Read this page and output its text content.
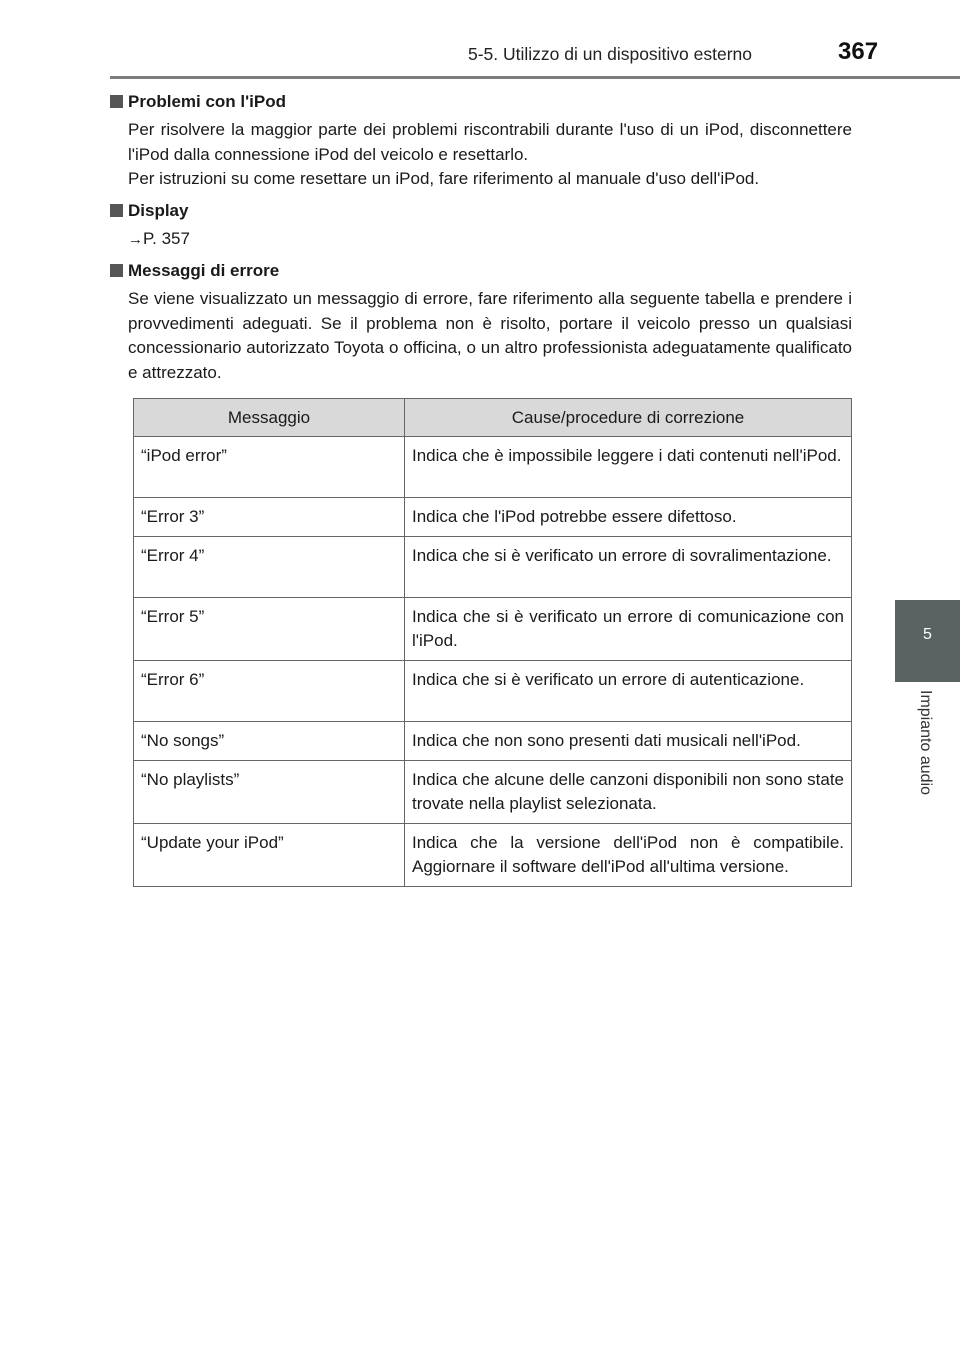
5-5. Utilizzo di un dispositivo esterno	367
5
Impianto audio
Problemi con l'iPod

Per risolvere la maggior parte dei problemi riscontrabili durante l'uso di un iPod, disconnettere l'iPod dalla connessione iPod del veicolo e resettarlo.

Per istruzioni su come resettare un iPod, fare riferimento al manuale d'uso dell'iPod.

Display
→P. 357
Messaggi di errore

Se viene visualizzato un messaggio di errore, fare riferimento alla seguente tabella e prendere i provvedimenti adeguati. Se il problema non è risolto, portare il veicolo presso un qualsiasi concessionario autorizzato Toyota o officina, o un altro professionista adeguatamente qualificato e attrezzato.

Messaggio	Cause/procedure di correzione
“iPod error”	Indica che è impossibile leggere i dati contenuti nell'iPod.
“Error 3”	Indica che l'iPod potrebbe essere difettoso.
“Error 4”	Indica che si è verificato un errore di sovralimentazione.
“Error 5”	Indica che si è verificato un errore di comunicazione con l'iPod.
“Error 6”	Indica che si è verificato un errore di autenticazione.
“No songs”	Indica che non sono presenti dati musicali nell'iPod.
“No playlists”	Indica che alcune delle canzoni disponibili non sono state trovate nella playlist selezionata.
“Update your iPod”	Indica che la versione dell'iPod non è compatibile. Aggiornare il software dell'iPod all'ultima versione.
